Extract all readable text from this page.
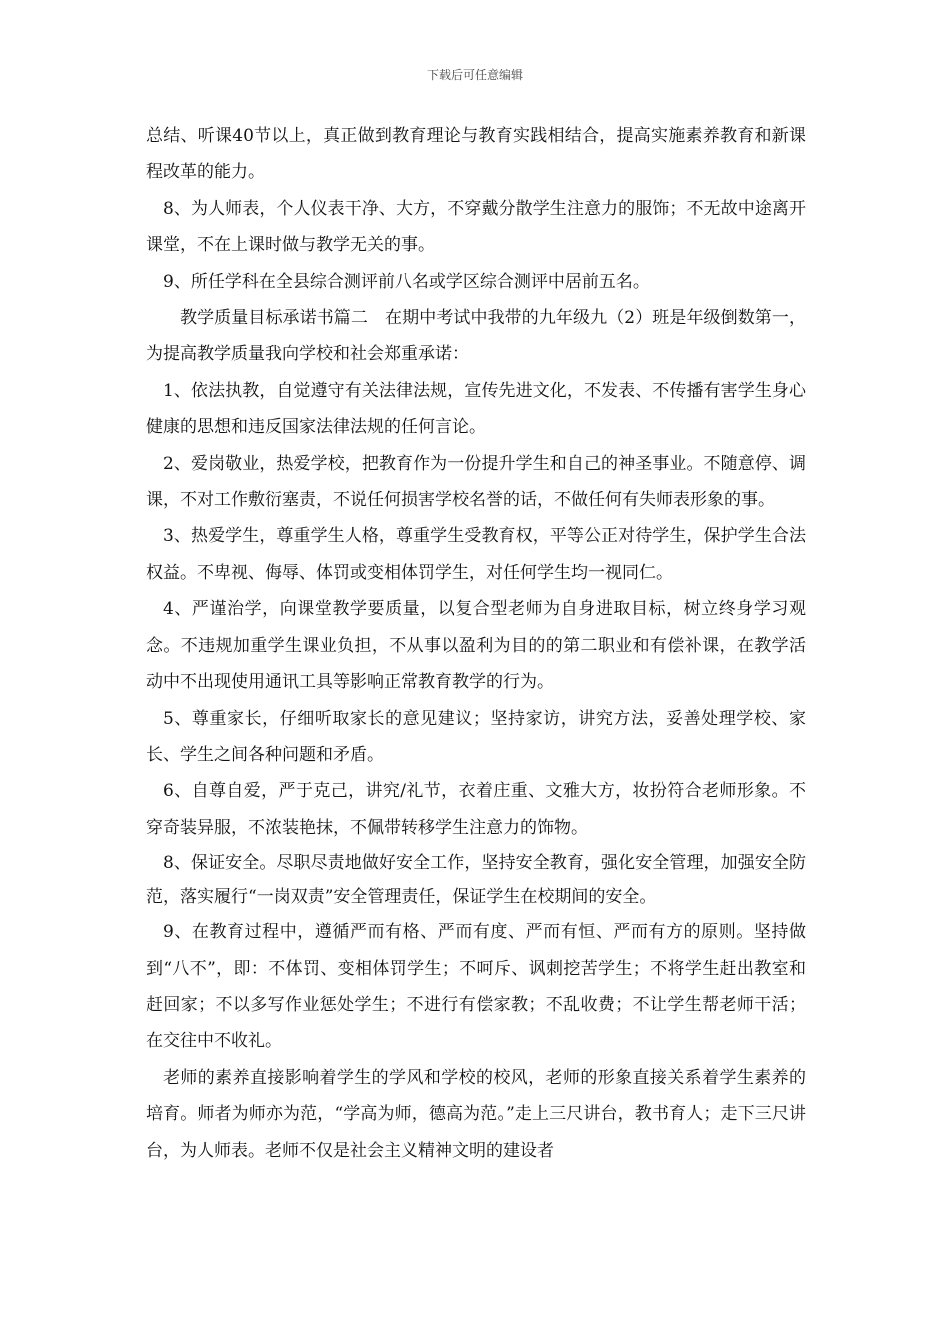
下载后可任意编辑

总结、听课40节以上，真正做到教育理论与教育实践相结合，提高实施素养教育和新课程改革的能力。

8、为人师表，个人仪表干净、大方，不穿戴分散学生注意力的服饰；不无故中途离开课堂，不在上课时做与教学无关的事。

9、所任学科在全县综合测评前八名或学区综合测评中居前五名。

教学质量目标承诺书篇二　在期中考试中我带的九年级九（2）班是年级倒数第一，为提高教学质量我向学校和社会郑重承诺：

1、依法执教，自觉遵守有关法律法规，宣传先进文化，不发表、不传播有害学生身心健康的思想和违反国家法律法规的任何言论。

2、爱岗敬业，热爱学校，把教育作为一份提升学生和自己的神圣事业。不随意停、调课，不对工作敷衍塞责，不说任何损害学校名誉的话，不做任何有失师表形象的事。

3、热爱学生，尊重学生人格，尊重学生受教育权，平等公正对待学生，保护学生合法权益。不卑视、侮辱、体罚或变相体罚学生，对任何学生均一视同仁。

4、严谨治学，向课堂教学要质量，以复合型老师为自身进取目标，树立终身学习观念。不违规加重学生课业负担，不从事以盈利为目的的第二职业和有偿补课，在教学活动中不出现使用通讯工具等影响正常教育教学的行为。

5、尊重家长，仔细听取家长的意见建议；坚持家访，讲究方法，妥善处理学校、家长、学生之间各种问题和矛盾。

6、自尊自爱，严于克己，讲究/礼节，衣着庄重、文雅大方，妆扮符合老师形象。不穿奇装异服，不浓装艳抹，不佩带转移学生注意力的饰物。

8、保证安全。尽职尽责地做好安全工作，坚持安全教育，强化安全管理，加强安全防范，落实履行“一岗双责”安全管理责任，保证学生在校期间的安全。

9、在教育过程中，遵循严而有格、严而有度、严而有恒、严而有方的原则。坚持做到“八不”，即：不体罚、变相体罚学生；不呵斥、讽刺挖苦学生；不将学生赶出教室和赶回家；不以多写作业惩处学生；不进行有偿家教；不乱收费；不让学生帮老师干活；在交往中不收礼。

老师的素养直接影响着学生的学风和学校的校风，老师的形象直接关系着学生素养的培育。师者为师亦为范，“学高为师，德高为范。”走上三尺讲台，教书育人；走下三尺讲台，为人师表。老师不仅是社会主义精神文明的建设者
